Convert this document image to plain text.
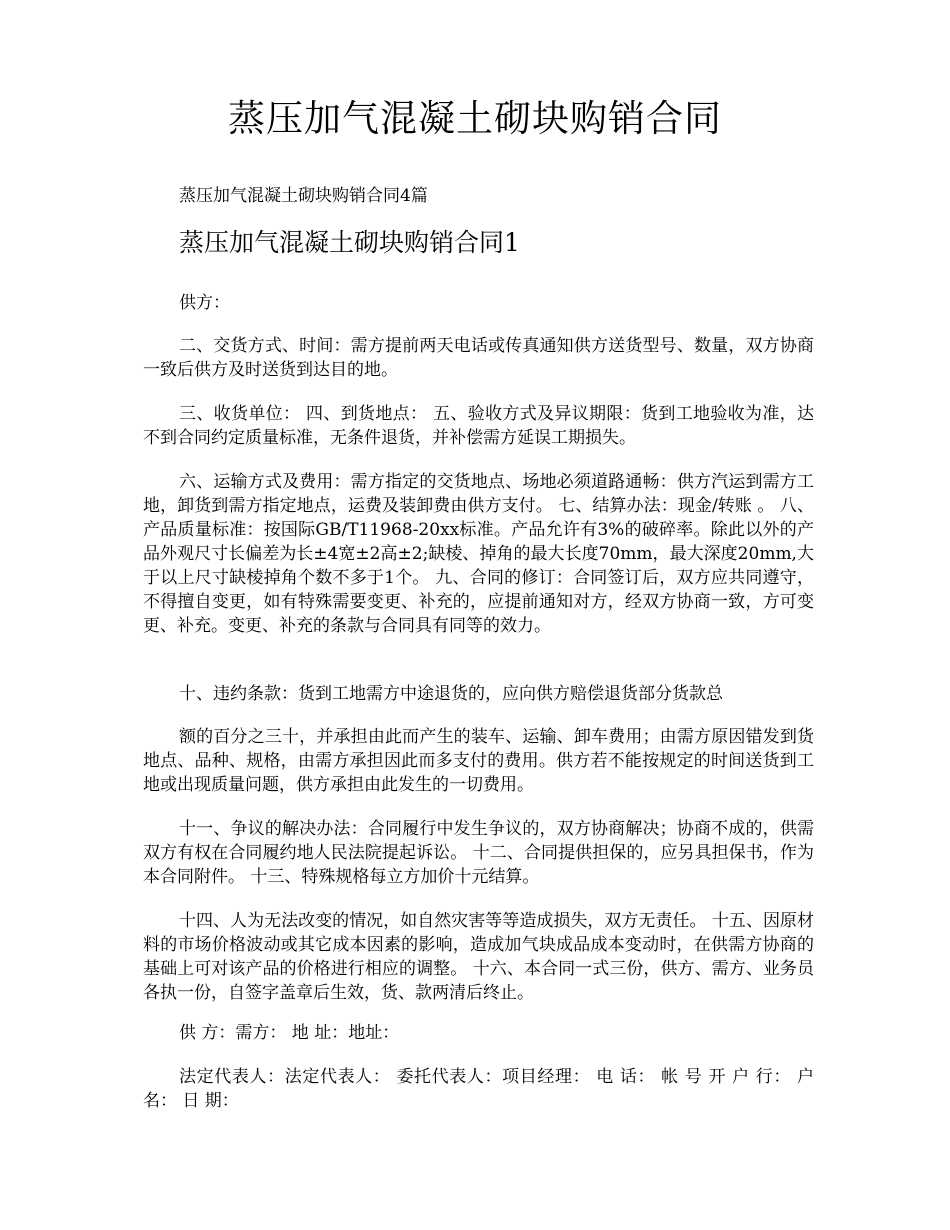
蒸压加气混凝土砌块购销合同

蒸压加气混凝土砌块购销合同4篇

蒸压加气混凝土砌块购销合同1

供方：

二、交货方式、时间：需方提前两天电话或传真通知供方送货型号、数量，双方协商一致后供方及时送货到达目的地。

三、收货单位： 四、到货地点： 五、验收方式及异议期限：货到工地验收为准，达不到合同约定质量标准，无条件退货，并补偿需方延误工期损失。

六、运输方式及费用：需方指定的交货地点、场地必须道路通畅：供方汽运到需方工地，卸货到需方指定地点，运费及装卸费由供方支付。 七、结算办法：现金/转账 。 八、产品质量标准：按国际GB/T11968-20xx标准。产品允许有3%的破碎率。除此以外的产品外观尺寸长偏差为长±4宽±2高±2;缺棱、掉角的最大长度70mm，最大深度20mm,大于以上尺寸缺棱掉角个数不多于1个。 九、合同的修订：合同签订后，双方应共同遵守，不得擅自变更，如有特殊需要变更、补充的，应提前通知对方，经双方协商一致，方可变更、补充。变更、补充的条款与合同具有同等的效力。

十、违约条款：货到工地需方中途退货的，应向供方赔偿退货部分货款总

额的百分之三十，并承担由此而产生的装车、运输、卸车费用；由需方原因错发到货地点、品种、规格，由需方承担因此而多支付的费用。供方若不能按规定的时间送货到工地或出现质量问题，供方承担由此发生的一切费用。

十一、争议的解决办法：合同履行中发生争议的，双方协商解决；协商不成的，供需双方有权在合同履约地人民法院提起诉讼。 十二、合同提供担保的，应另具担保书，作为本合同附件。 十三、特殊规格每立方加价十元结算。

十四、人为无法改变的情况，如自然灾害等等造成损失，双方无责任。 十五、因原材料的市场价格波动或其它成本因素的影响，造成加气块成品成本变动时，在供需方协商的基础上可对该产品的价格进行相应的调整。 十六、本合同一式三份，供方、需方、业务员各执一份，自签字盖章后生效，货、款两清后终止。

供 方：需方： 地 址：地址：

法定代表人：法定代表人： 委托代表人：项目经理： 电 话： 帐 号 开 户 行： 户 名： 日 期：
